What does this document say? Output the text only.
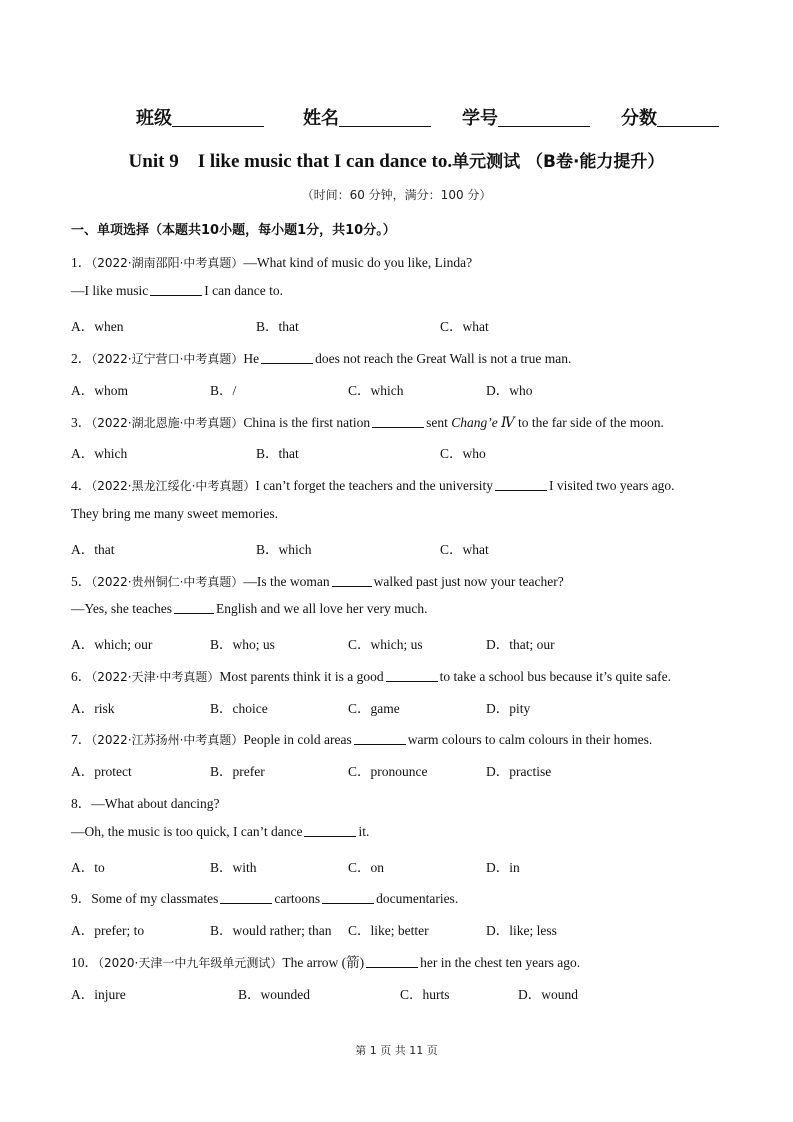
班级	姓名	学号	分数
Unit 9　I like music that I can dance to.单元测试 （B卷·能力提升）
（时间：60 分钟，满分：100 分）
一、单项选择（本题共10小题，每小题1分，共10分。）
1．（2022·湖南邵阳·中考真题）—What kind of music do you like, Linda?
—I like music	I can dance to.
A．when	B．that	C．what
2．（2022·辽宁营口·中考真题）He	does not reach the Great Wall is not a true man.
A．whom	B．/	C．which	D．who
3．（2022·湖北恩施·中考真题）China is the first nation	sent Chang’e Ⅳ to the far side of the moon.
A．which	B．that	C．who
4．（2022·黑龙江绥化·中考真题）I can’t forget the teachers and the university	I visited two years ago.
They bring me many sweet memories.
A．that	B．which	C．what
5．（2022·贵州铜仁·中考真题）—Is the woman	walked past just now your teacher?
—Yes, she teaches	English and we all love her very much.
A．which; our	B．who; us	C．which; us	D．that; our
6．（2022·天津·中考真题）Most parents think it is a good	to take a school bus because it’s quite safe.
A．risk	B．choice	C．game	D．pity
7．（2022·江苏扬州·中考真题）People in cold areas	warm colours to calm colours in their homes.
A．protect	B．prefer	C．pronounce	D．practise
8．—What about dancing?
—Oh, the music is too quick, I can’t dance	it.
A．to	B．with	C．on	D．in
9．Some of my classmates	cartoons	documentaries.
A．prefer; to	B．would rather; than C．like; better	D．like; less
10．（2020·天津一中九年级单元测试）The arrow (箭)	her in the chest ten years ago.
A．injure	B．wounded	C．hurts	D．wound
第 1 页 共 11 页
